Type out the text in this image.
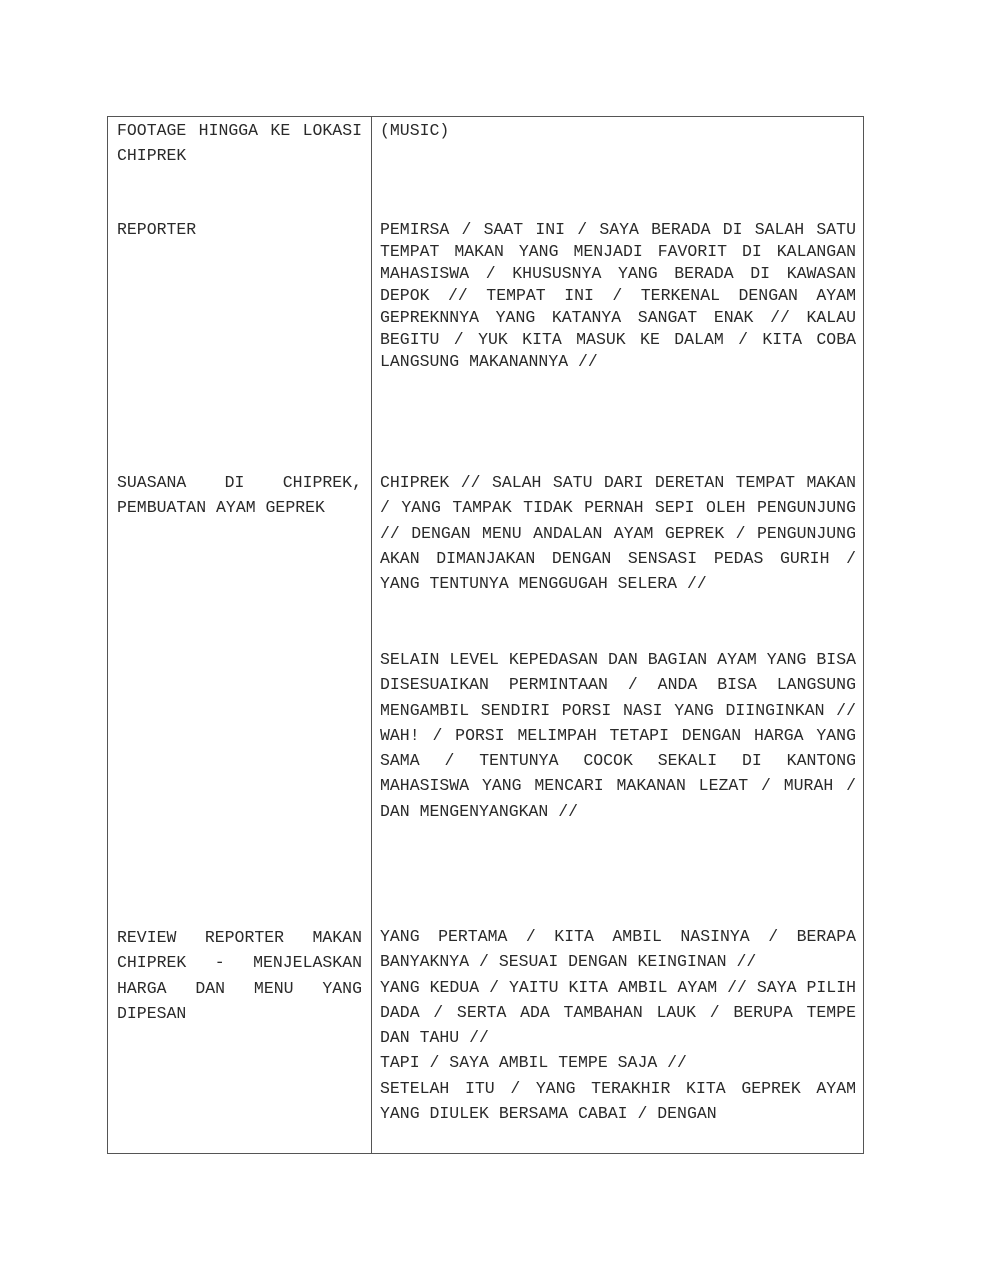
FOOTAGE HINGGA KE LOKASI CHIPREK
(MUSIC)
REPORTER	PEMIRSA / SAAT INI / SAYA BERADA DI SALAH SATU TEMPAT MAKAN YANG MENJADI FAVORIT DI KALANGAN MAHASISWA / KHUSUSNYA YANG BERADA DI KAWASAN DEPOK // TEMPAT INI / TERKENAL DENGAN AYAM GEPREKNNYA YANG KATANYA SANGAT ENAK // KALAU BEGITU / YUK KITA MASUK KE DALAM / KITA COBA LANGSUNG MAKANANNYA //
SUASANA DI CHIPREK, PEMBUATAN AYAM GEPREK
CHIPREK // SALAH SATU DARI DERETAN TEMPAT MAKAN / YANG TAMPAK TIDAK PERNAH SEPI OLEH PENGUNJUNG // DENGAN MENU ANDALAN AYAM GEPREK / PENGUNJUNG AKAN DIMANJAKAN DENGAN SENSASI PEDAS GURIH / YANG TENTUNYA MENGGUGAH SELERA //
SELAIN LEVEL KEPEDASAN DAN BAGIAN AYAM YANG BISA DISESUAIKAN PERMINTAAN / ANDA BISA LANGSUNG MENGAMBIL SENDIRI PORSI NASI YANG DIINGINKAN // WAH! / PORSI MELIMPAH TETAPI DENGAN HARGA YANG SAMA / TENTUNYA COCOK SEKALI DI KANTONG MAHASISWA YANG MENCARI MAKANAN LEZAT / MURAH / DAN MENGENYANGKAN //
REVIEW REPORTER MAKAN CHIPREK - MENJELASKAN HARGA DAN MENU YANG DIPESAN
YANG PERTAMA / KITA AMBIL NASINYA / BERAPA BANYAKNYA / SESUAI DENGAN KEINGINAN //
YANG KEDUA / YAITU KITA AMBIL AYAM // SAYA PILIH DADA / SERTA ADA TAMBAHAN LAUK / BERUPA TEMPE DAN TAHU //
TAPI / SAYA AMBIL TEMPE SAJA //
SETELAH ITU / YANG TERAKHIR KITA GEPREK AYAM YANG DIULEK BERSAMA CABAI / DENGAN
